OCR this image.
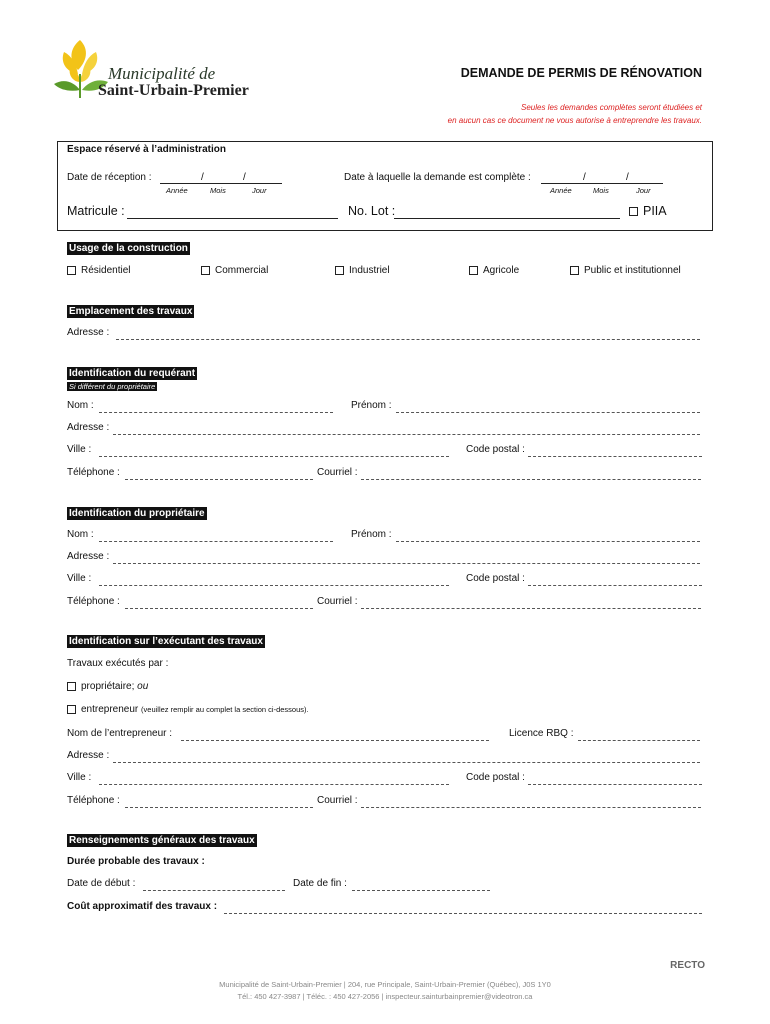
Municipalité de
Saint-Urbain-Premier
DEMANDE DE PERMIS DE RÉNOVATION
Seules les demandes complètes seront étudiées et
en aucun cas ce document ne vous autorise à entreprendre les travaux.
Espace réservé à l’administration
Date de réception :	/	/
Année	Mois	Jour
Date à laquelle la demande est complète :	/	/
Année	Mois	Jour
Matricule :	No. Lot :	PIIA
Usage de la construction
Résidentiel	Commercial	Industriel	Agricole	Public et institutionnel
Emplacement des travaux
Adresse :
Identification du requérant
Si différent du propriétaire
Nom :	Prénom :
Adresse :
Ville :	Code postal :
Téléphone :	Courriel :
Identification du propriétaire
Nom :	Prénom :
Adresse :
Ville :	Code postal :
Téléphone :	Courriel :
Identification sur l’exécutant des travaux
Travaux exécutés par :
propriétaire; ou
entrepreneur (veuillez remplir au complet la section ci-dessous).
Nom de l’entrepreneur :	Licence RBQ :
Adresse :
Ville :	Code postal :
Téléphone :	Courriel :
Renseignements généraux des travaux
Durée probable des travaux :
Date de début :	Date de fin :
Coût approximatif des travaux :
RECTO
Municipalité de Saint-Urbain-Premier | 204, rue Principale, Saint-Urbain-Premier (Québec), J0S 1Y0
Tél.: 450 427-3987 | Téléc. : 450 427-2056 | inspecteur.sainturbainpremier@videotron.ca
